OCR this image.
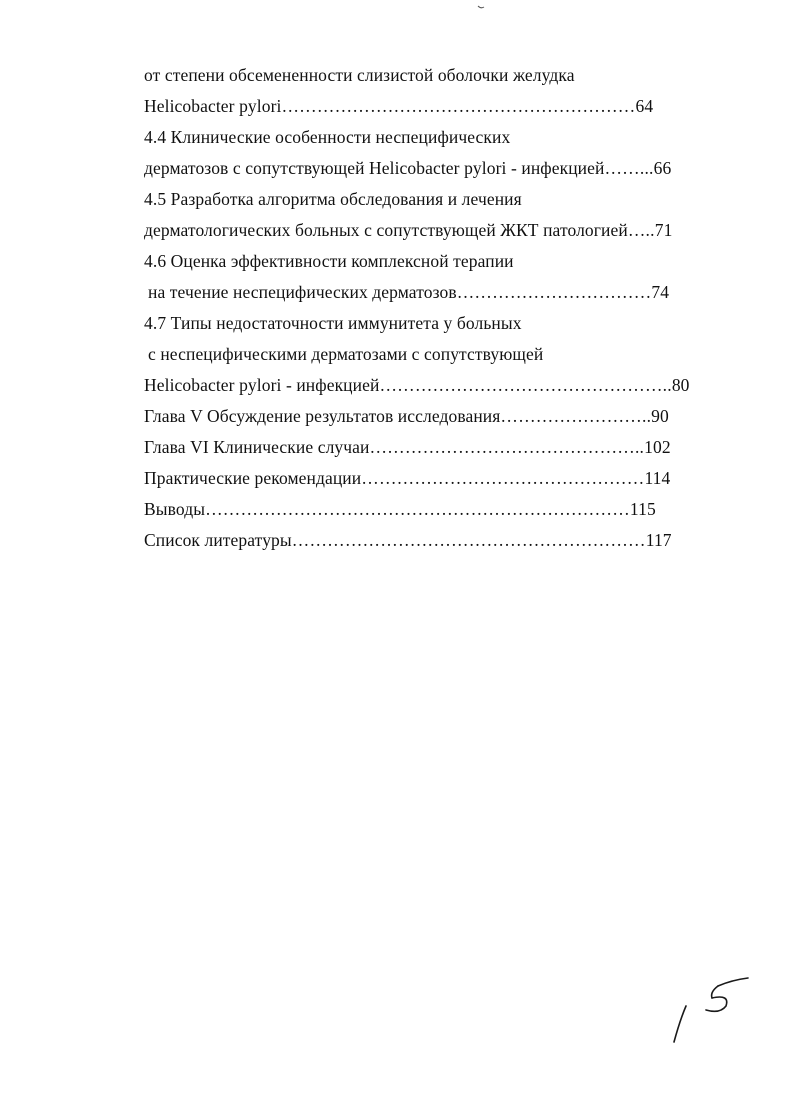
от степени обсемененности слизистой оболочки желудка
Helicobacter pylori……………………………………………………64
4.4 Клинические особенности неспецифических
дерматозов с сопутствующей Helicobacter pylori - инфекцией……...66
4.5 Разработка алгоритма обследования и лечения
дерматологических больных с сопутствующей ЖКТ патологией…..71
4.6 Оценка эффективности комплексной терапии
на течение неспецифических дерматозов……………………………74
4.7 Типы недостаточности иммунитета у больных
с неспецифическими дерматозами с сопутствующей
Helicobacter pylori - инфекцией…………………………………………..80
Глава V Обсуждение результатов исследования……………………..90
Глава VI Клинические случаи………………………………………..102
Практические рекомендации…………………………………………114
Выводы………………………………………………………………115
Список литературы……………………………………………………117
